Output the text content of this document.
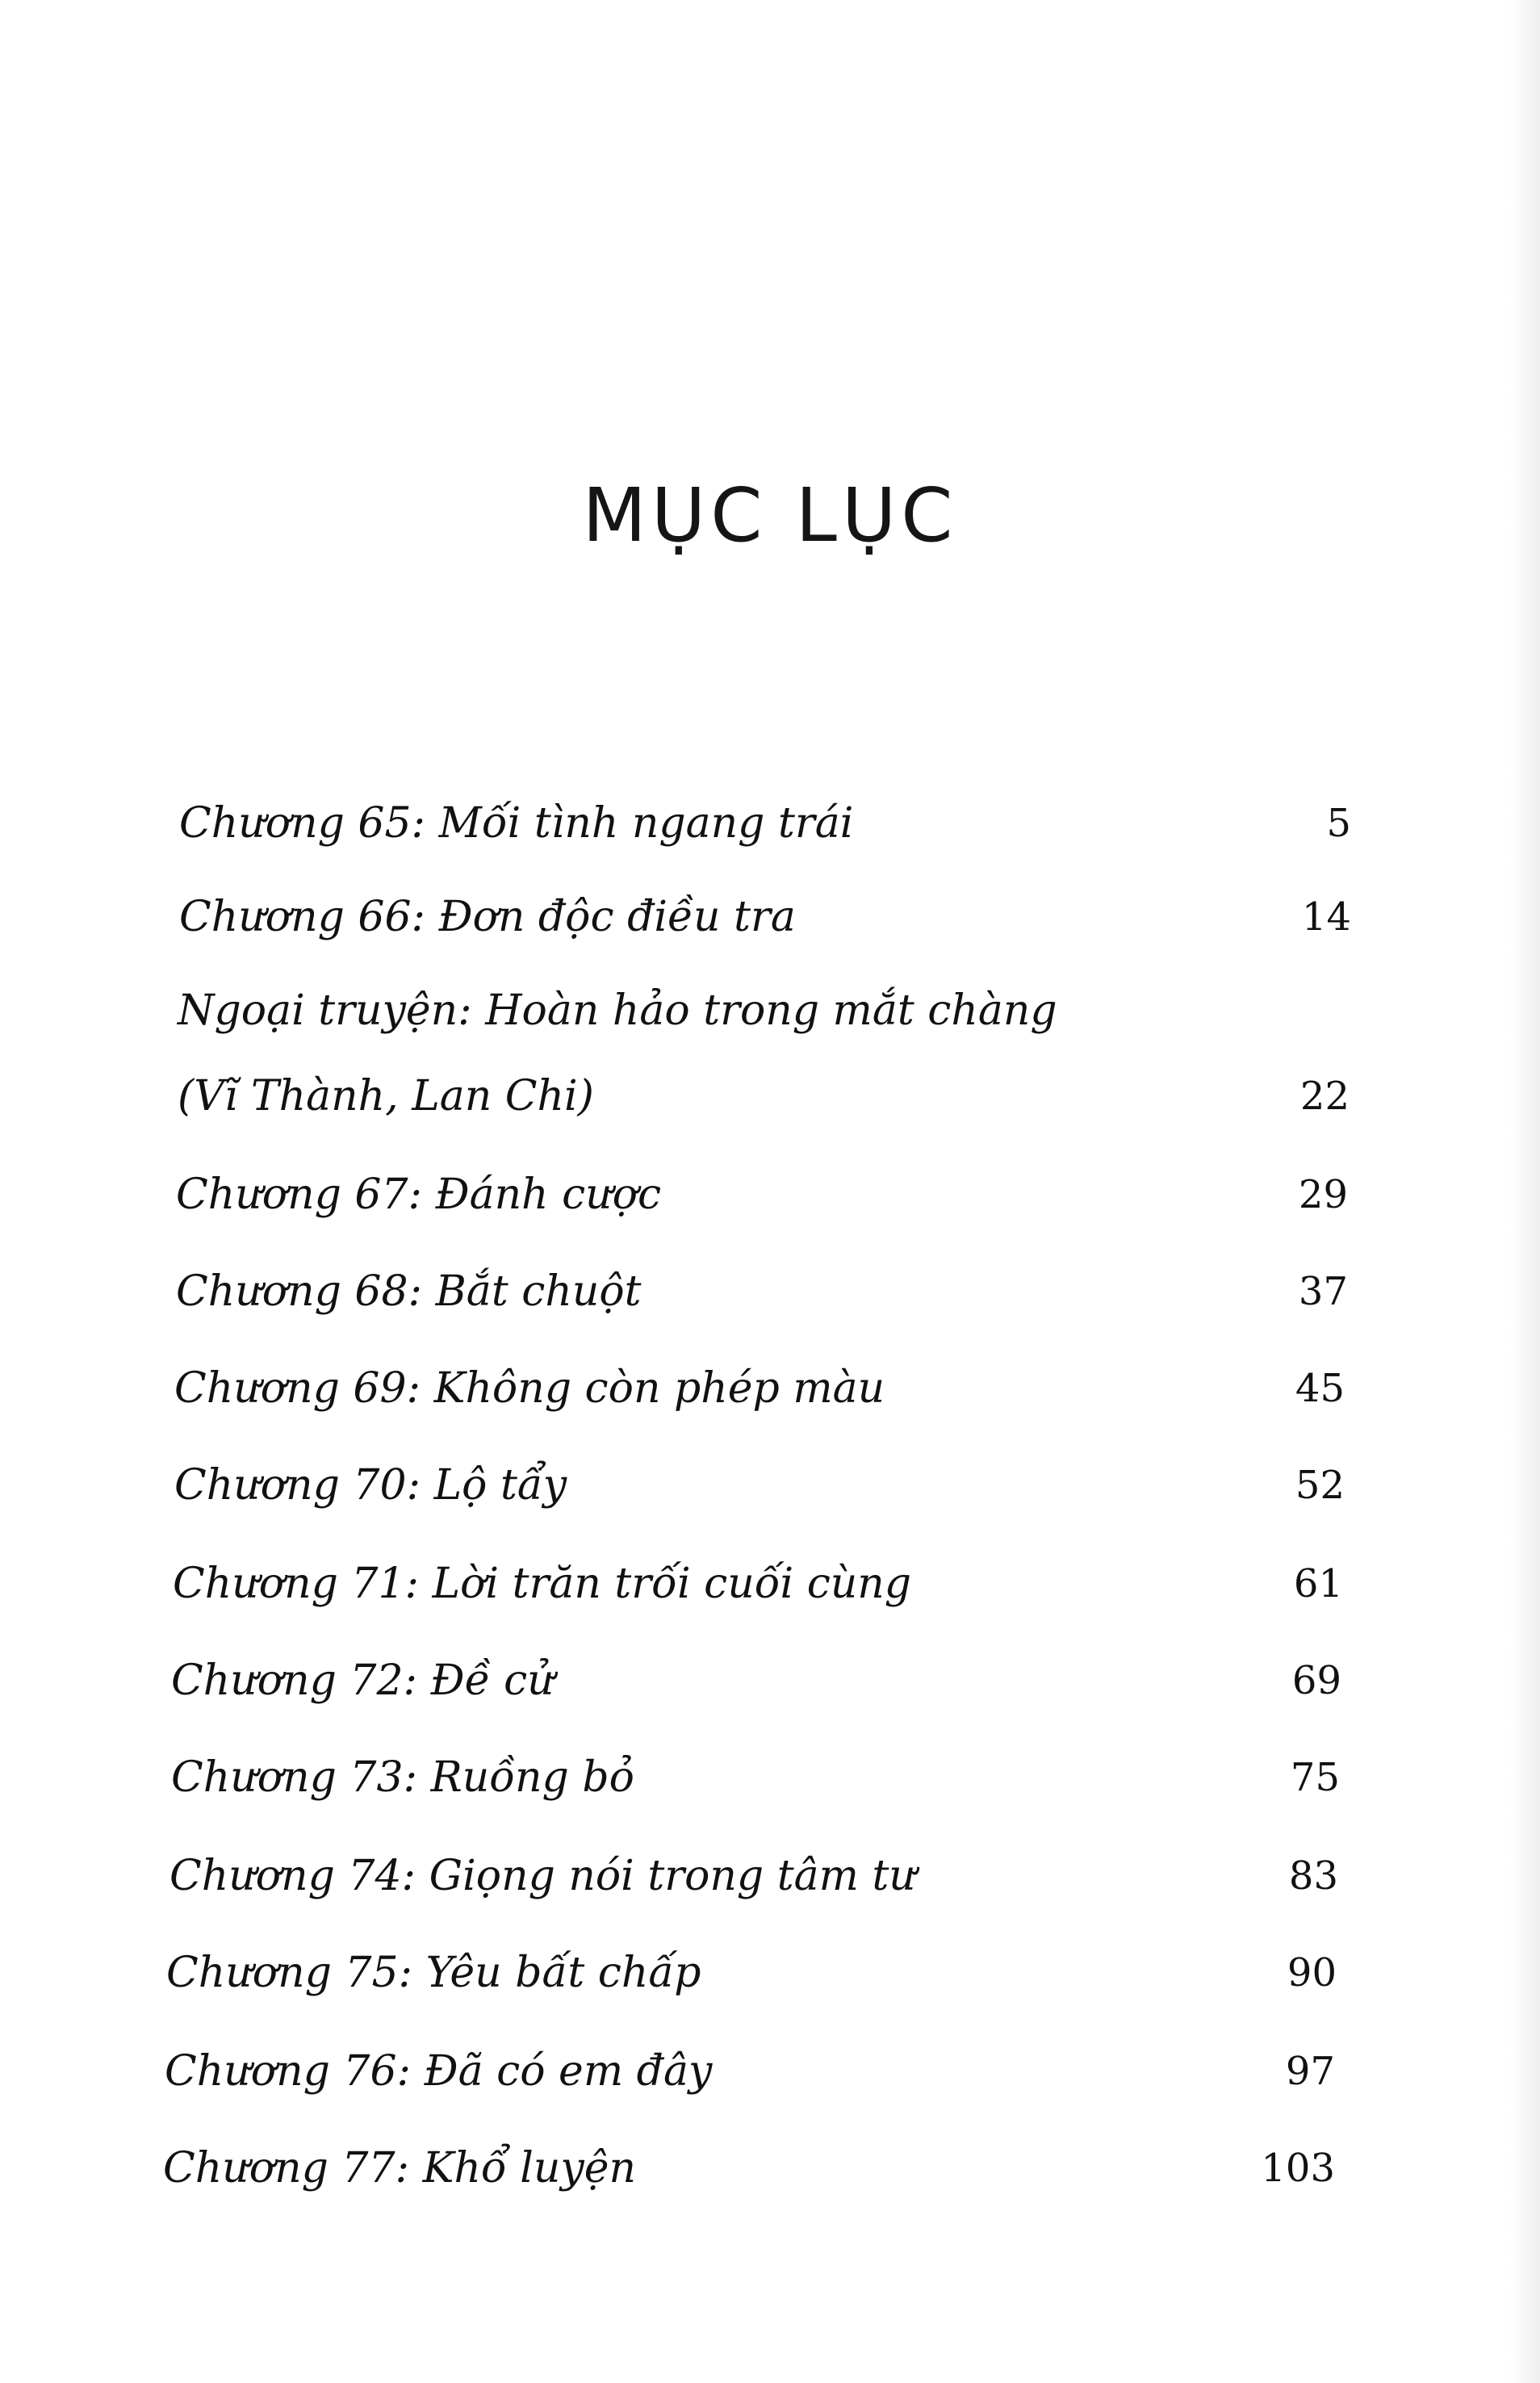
MỤC LỤC
Chương 65: Mối tình ngang trái	5
Chương 66: Đơn độc điều tra	14
Ngoại truyện: Hoàn hảo trong mắt chàng
(Vĩ Thành, Lan Chi)	22
Chương 67: Đánh cược	29
Chương 68: Bắt chuột	37
Chương 69: Không còn phép màu	45
Chương 70: Lộ tẩy	52
Chương 71: Lời trăn trối cuối cùng	61
Chương 72: Đề cử	69
Chương 73: Ruồng bỏ	75
Chương 74: Giọng nói trong tâm tư	83
Chương 75: Yêu bất chấp	90
Chương 76: Đã có em đây	97
Chương 77: Khổ luyện	103
